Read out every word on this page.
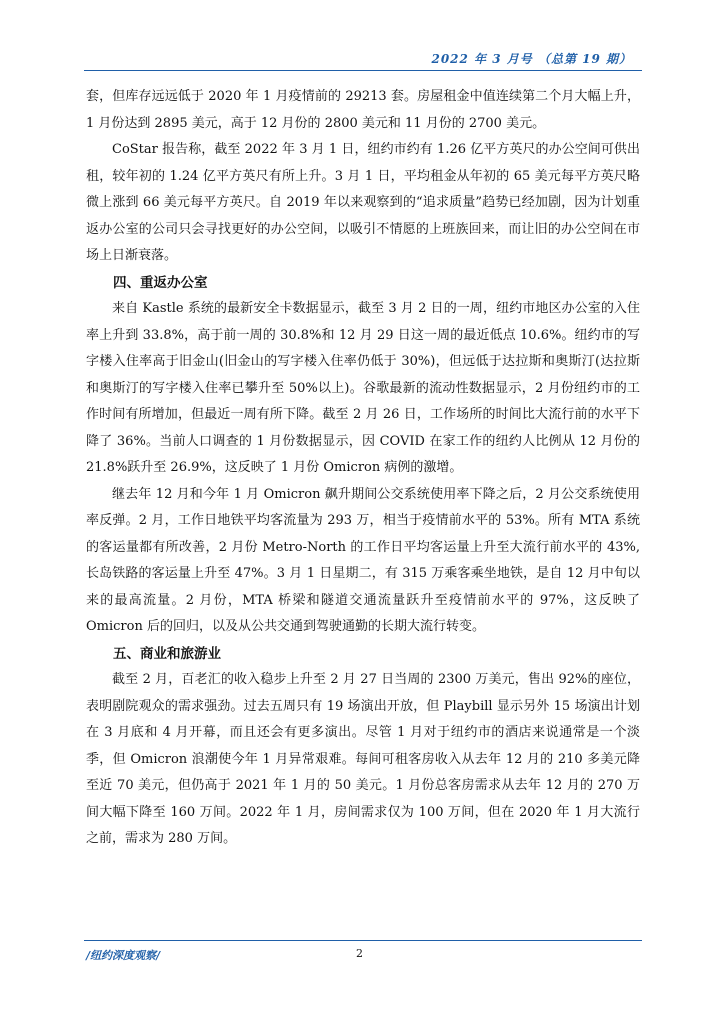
2022 年 3 月号 （总第 19 期）

套，但库存远远低于 2020 年 1 月疫情前的 29213 套。房屋租金中值连续第二个月大幅上升，1 月份达到 2895 美元，高于 12 月份的 2800 美元和 11 月份的 2700 美元。

CoStar 报告称，截至 2022 年 3 月 1 日，纽约市约有 1.26 亿平方英尺的办公空间可供出租，较年初的 1.24 亿平方英尺有所上升。3 月 1 日，平均租金从年初的 65 美元每平方英尺略微上涨到 66 美元每平方英尺。自 2019 年以来观察到的“追求质量”趋势已经加剧，因为计划重返办公室的公司只会寻找更好的办公空间，以吸引不情愿的上班族回来，而让旧的办公空间在市场上日渐衰落。

四、重返办公室

来自 Kastle 系统的最新安全卡数据显示，截至 3 月 2 日的一周，纽约市地区办公室的入住率上升到 33.8%，高于前一周的 30.8%和 12 月 29 日这一周的最近低点 10.6%。纽约市的写字楼入住率高于旧金山(旧金山的写字楼入住率仍低于 30%)，但远低于达拉斯和奥斯汀(达拉斯和奥斯汀的写字楼入住率已攀升至 50%以上)。谷歌最新的流动性数据显示，2 月份纽约市的工作时间有所增加，但最近一周有所下降。截至 2 月 26 日，工作场所的时间比大流行前的水平下降了 36%。当前人口调查的 1 月份数据显示，因 COVID 在家工作的纽约人比例从 12 月份的 21.8%跃升至 26.9%，这反映了 1 月份 Omicron 病例的激增。

继去年 12 月和今年 1 月 Omicron 飙升期间公交系统使用率下降之后，2 月公交系统使用率反弹。2 月，工作日地铁平均客流量为 293 万，相当于疫情前水平的 53%。所有 MTA 系统的客运量都有所改善，2 月份 Metro-North 的工作日平均客运量上升至大流行前水平的 43%,长岛铁路的客运量上升至 47%。3 月 1 日星期二，有 315 万乘客乘坐地铁，是自 12 月中旬以来的最高流量。2 月份，MTA 桥梁和隧道交通流量跃升至疫情前水平的 97%，这反映了 Omicron 后的回归，以及从公共交通到驾驶通勤的长期大流行转变。

五、商业和旅游业

截至 2 月，百老汇的收入稳步上升至 2 月 27 日当周的 2300 万美元，售出 92%的座位，表明剧院观众的需求强劲。过去五周只有 19 场演出开放，但 Playbill 显示另外 15 场演出计划在 3 月底和 4 月开幕，而且还会有更多演出。尽管 1 月对于纽约市的酒店来说通常是一个淡季，但 Omicron 浪潮使今年 1 月异常艰难。每间可租客房收入从去年 12 月的 210 多美元降至近 70 美元，但仍高于 2021 年 1 月的 50 美元。1 月份总客房需求从去年 12 月的 270 万间大幅下降至 160 万间。2022 年 1 月，房间需求仅为 100 万间，但在 2020 年 1 月大流行之前，需求为 280 万间。

/纽约深度观察/	2
